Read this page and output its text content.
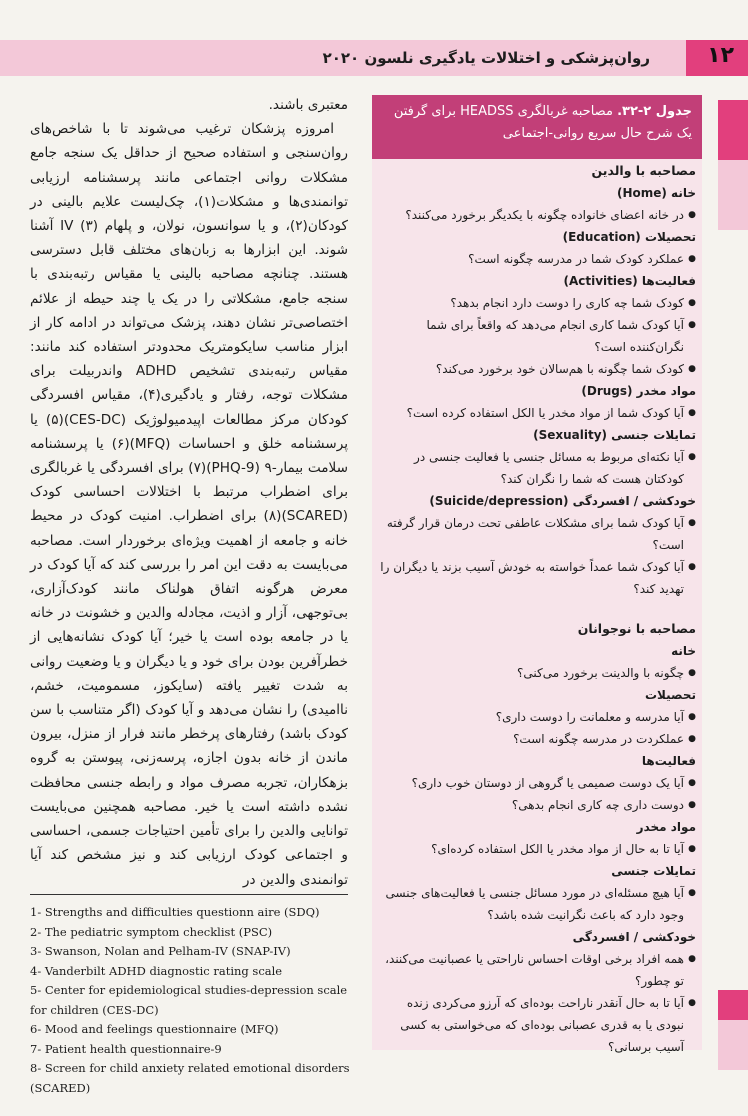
۱۲
روان‌پزشکی و اختلالات یادگیری نلسون ۲۰۲۰

معتبری باشند.

امروزه پزشکان ترغیب می‌شوند تا با شاخص‌های روان‌سنجی و استفاده صحیح از حداقل یک سنجه جامع مشکلات روانی اجتماعی مانند پرسشنامه ارزیابی توانمندی‌ها و مشکلات(۱)، چک‌لیست علایم بالینی در کودکان(۲)، و یا سوانسون، نولان، و پلهام IV (۳) آشنا شوند. این ابزارها به زبان‌های مختلف قابل دسترسی هستند. چنانچه مصاحبه بالینی یا مقیاس رتبه‌بندی با سنجه جامع، مشکلاتی را در یک یا چند حیطه از علائم اختصاصی‌تر نشان دهند، پزشک می‌تواند در ادامه کار از ابزار مناسب سایکومتریک محدودتر استفاده کند مانند: مقیاس رتبه‌بندی تشخیص ADHD واندربیلت برای مشکلات توجه، رفتار و یادگیری(۴)، مقیاس افسردگی کودکان مرکز مطالعات اپیدمیولوژیک (CES-DC)(۵) یا پرسشنامه خلق و احساسات (MFQ)(۶) یا پرسشنامه سلامت بیمار-۹ (PHQ-9)(۷) برای افسردگی یا غربالگری برای اضطراب مرتبط با اختلالات احساسی کودک (SCARED)(۸) برای اضطراب. امنیت کودک در محیط خانه و جامعه از اهمیت ویژه‌ای برخوردار است. مصاحبه می‌بایست به دقت این امر را بررسی کند که آیا کودک در معرض هرگونه اتفاق هولناک مانند کودک‌آزاری، بی‌توجهی، آزار و اذیت، مجادله والدین و خشونت در خانه یا در جامعه بوده است یا خیر؛ آیا کودک نشانه‌هایی از خطرآفرین بودن برای خود و یا دیگران و یا وضعیت روانی به شدت تغییر یافته (سایکوز، مسمومیت، خشم، ناامیدی) را نشان می‌دهد و آیا کودک (اگر متناسب با سن کودک باشد) رفتارهای پرخطر مانند فرار از منزل، بیرون ماندن از خانه بدون اجازه، پرسه‌زنی، پیوستن به گروه بزهکاران، تجربه مصرف مواد و رابطه جنسی محافظت نشده داشته است یا خیر. مصاحبه همچنین می‌بایست توانایی والدین را برای تأمین احتیاجات جسمی، احساسی و اجتماعی کودک ارزیابی کند و نیز مشخص کند آیا توانمندی والدین در

1- Strengths and difficulties questionn aire (SDQ)
2- The pediatric symptom checklist (PSC)
3- Swanson, Nolan and Pelham-IV (SNAP-IV)
4- Vanderbilt ADHD diagnostic rating scale
5- Center for epidemiological studies-depression scale for children (CES-DC)
6- Mood and feelings questionnaire (MFQ)
7- Patient health questionnaire-9
8- Screen for child anxiety related emotional disorders (SCARED)
جدول ۲-۳۲. مصاحبه غربالگری HEADSS برای گرفتن یک شرح حال سریع روانی-اجتماعی
مصاحبه با والدین
خانه (Home)
● در خانه اعضای خانواده چگونه با یکدیگر برخورد می‌کنند؟
تحصیلات (Education)
● عملکرد کودک شما در مدرسه چگونه است؟
فعالیت‌ها (Activities)
● کودک شما چه کاری را دوست دارد انجام بدهد؟
● آیا کودک شما کاری انجام می‌دهد که واقعاً برای شما نگران‌کننده است؟
● کودک شما چگونه با هم‌سالان خود برخورد می‌کند؟
مواد مخدر (Drugs)
● آیا کودک شما از مواد مخدر یا الکل استفاده کرده است؟
تمایلات جنسی (Sexuality)
● آیا نکته‌ای مربوط به مسائل جنسی یا فعالیت جنسی در کودکتان هست که شما را نگران کند؟
خودکشی / افسردگی (Suicide/depression)
● آیا کودک شما برای مشکلات عاطفی تحت درمان قرار گرفته است؟
● آیا کودک شما عمداً خواسته به خودش آسیب بزند یا دیگران را تهدید کند؟
مصاحبه با نوجوانان
خانه
● چگونه با والدینت برخورد می‌کنی؟
تحصیلات
● آیا مدرسه و معلمانت را دوست داری؟
● عملکردت در مدرسه چگونه است؟
فعالیت‌ها
● آیا یک دوست صمیمی یا گروهی از دوستان خوب داری؟
● دوست داری چه کاری انجام بدهی؟
مواد مخدر
● آیا تا به حال از مواد مخدر یا الکل استفاده کرده‌ای؟
تمایلات جنسی
● آیا هیچ مسئله‌ای در مورد مسائل جنسی یا فعالیت‌های جنسی وجود دارد که باعث نگرانیت شده باشد؟
خودکشی / افسردگی
● همه افراد برخی اوقات احساس ناراحتی یا عصبانیت می‌کنند، تو چطور؟
● آیا تا به حال آنقدر ناراحت بوده‌ای که آرزو می‌کردی زنده نبودی یا به قدری عصبانی بوده‌ای که می‌خواستی به کسی آسیب برسانی؟
